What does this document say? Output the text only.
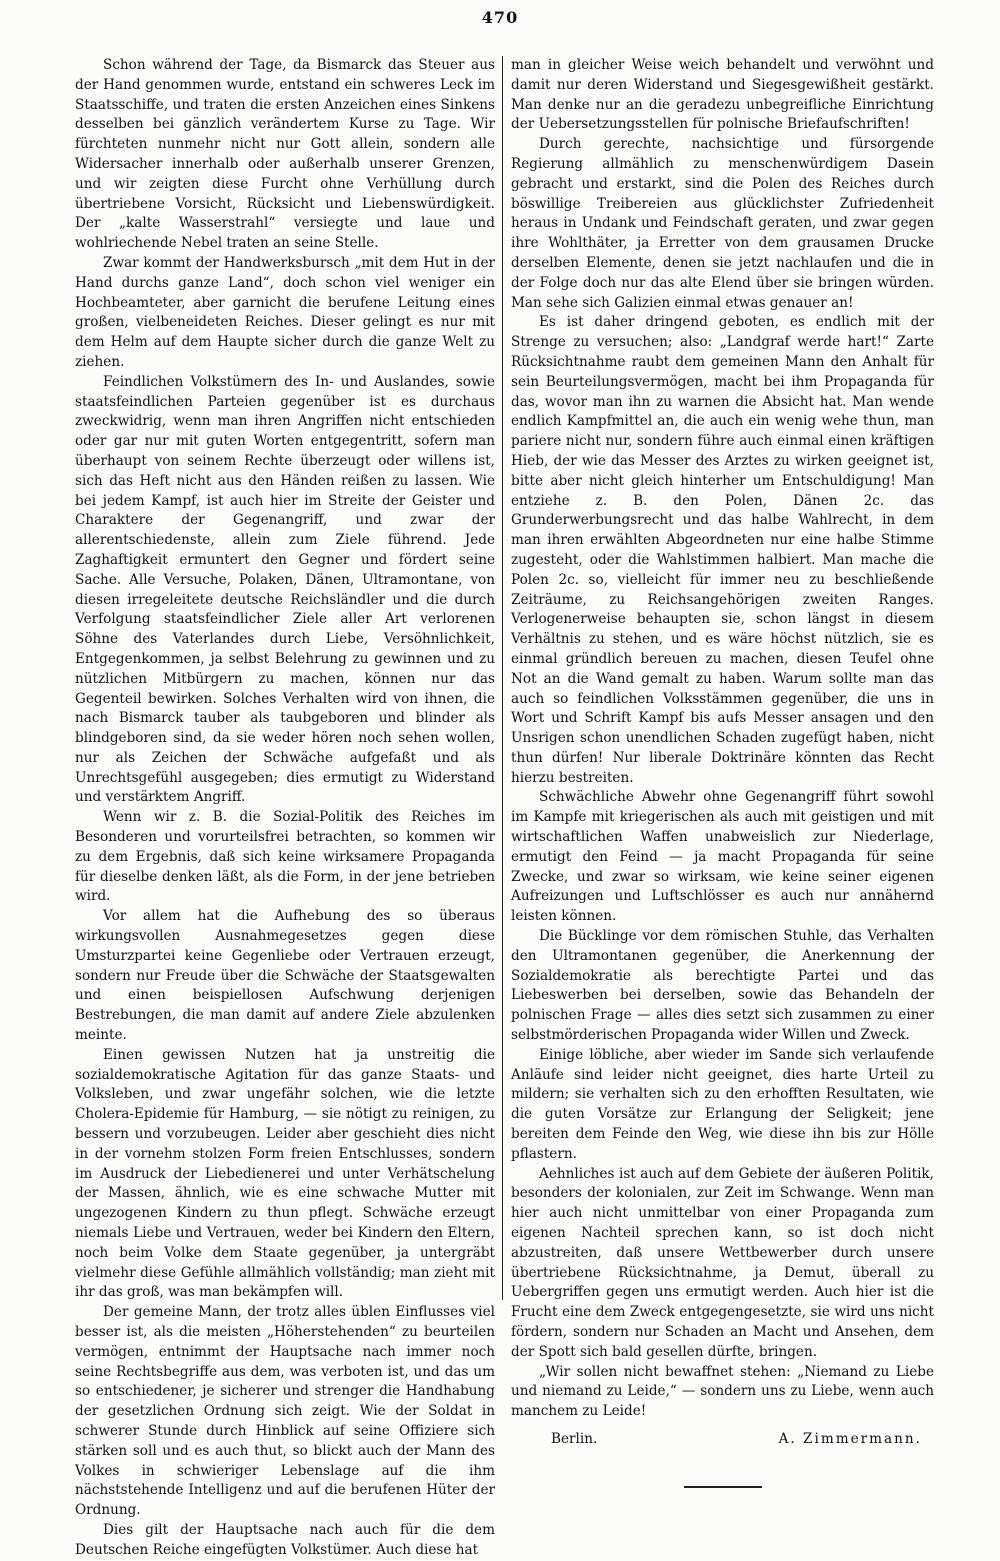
470

Schon während der Tage, da Bismarck das Steuer aus der Hand genommen wurde, entstand ein schweres Leck im Staatsschiffe, und traten die ersten Anzeichen eines Sinkens desselben bei gänzlich verändertem Kurse zu Tage. Wir fürchteten nunmehr nicht nur Gott allein, sondern alle Widersacher innerhalb oder außerhalb unserer Grenzen, und wir zeigten diese Furcht ohne Verhüllung durch übertriebene Vorsicht, Rücksicht und Liebenswürdigkeit. Der „kalte Wasserstrahl“ versiegte und laue und wohlriechende Nebel traten an seine Stelle.

Zwar kommt der Handwerksbursch „mit dem Hut in der Hand durchs ganze Land“, doch schon viel weniger ein Hochbeamteter, aber garnicht die berufene Leitung eines großen, vielbeneideten Reiches. Dieser gelingt es nur mit dem Helm auf dem Haupte sicher durch die ganze Welt zu ziehen.

Feindlichen Volkstümern des In- und Auslandes, sowie staatsfeindlichen Parteien gegenüber ist es durchaus zweckwidrig, wenn man ihren Angriffen nicht entschieden oder gar nur mit guten Worten entgegentritt, sofern man überhaupt von seinem Rechte überzeugt oder willens ist, sich das Heft nicht aus den Händen reißen zu lassen. Wie bei jedem Kampf, ist auch hier im Streite der Geister und Charaktere der Gegenangriff, und zwar der allerentschiedenste, allein zum Ziele führend. Jede Zaghaftigkeit ermuntert den Gegner und fördert seine Sache. Alle Versuche, Polaken, Dänen, Ultramontane, von diesen irregeleitete deutsche Reichsländler und die durch Verfolgung staatsfeindlicher Ziele aller Art verlorenen Söhne des Vaterlandes durch Liebe, Versöhnlichkeit, Entgegenkommen, ja selbst Belehrung zu gewinnen und zu nützlichen Mitbürgern zu machen, können nur das Gegenteil bewirken. Solches Verhalten wird von ihnen, die nach Bismarck tauber als taubgeboren und blinder als blindgeboren sind, da sie weder hören noch sehen wollen, nur als Zeichen der Schwäche aufgefaßt und als Unrechtsgefühl ausgegeben; dies ermutigt zu Widerstand und verstärktem Angriff.

Wenn wir z. B. die Sozial-Politik des Reiches im Besonderen und vorurteilsfrei betrachten, so kommen wir zu dem Ergebnis, daß sich keine wirksamere Propaganda für dieselbe denken läßt, als die Form, in der jene betrieben wird.

Vor allem hat die Aufhebung des so überaus wirkungsvollen Ausnahmegesetzes gegen diese Umsturzpartei keine Gegenliebe oder Vertrauen erzeugt, sondern nur Freude über die Schwäche der Staatsgewalten und einen beispiellosen Aufschwung derjenigen Bestrebungen, die man damit auf andere Ziele abzulenken meinte.

Einen gewissen Nutzen hat ja unstreitig die sozialdemokratische Agitation für das ganze Staats- und Volksleben, und zwar ungefähr solchen, wie die letzte Cholera-Epidemie für Hamburg, — sie nötigt zu reinigen, zu bessern und vorzubeugen. Leider aber geschieht dies nicht in der vornehm stolzen Form freien Entschlusses, sondern im Ausdruck der Liebedienerei und unter Verhätschelung der Massen, ähnlich, wie es eine schwache Mutter mit ungezogenen Kindern zu thun pflegt. Schwäche erzeugt niemals Liebe und Vertrauen, weder bei Kindern den Eltern, noch beim Volke dem Staate gegenüber, ja untergräbt vielmehr diese Gefühle allmählich vollständig; man zieht mit ihr das groß, was man bekämpfen will.

Der gemeine Mann, der trotz alles üblen Einflusses viel besser ist, als die meisten „Höherstehenden“ zu beurteilen vermögen, entnimmt der Hauptsache nach immer noch seine Rechtsbegriffe aus dem, was verboten ist, und das um so entschiedener, je sicherer und strenger die Handhabung der gesetzlichen Ordnung sich zeigt. Wie der Soldat in schwerer Stunde durch Hinblick auf seine Offiziere sich stärken soll und es auch thut, so blickt auch der Mann des Volkes in schwieriger Lebenslage auf die ihm nächststehende Intelligenz und auf die berufenen Hüter der Ordnung.

Dies gilt der Hauptsache nach auch für die dem Deutschen Reiche eingefügten Volkstümer. Auch diese hat

man in gleicher Weise weich behandelt und verwöhnt und damit nur deren Widerstand und Siegesgewißheit gestärkt. Man denke nur an die geradezu unbegreifliche Einrichtung der Uebersetzungsstellen für polnische Briefaufschriften!

Durch gerechte, nachsichtige und fürsorgende Regierung allmählich zu menschenwürdigem Dasein gebracht und erstarkt, sind die Polen des Reiches durch böswillige Treibereien aus glücklichster Zufriedenheit heraus in Undank und Feindschaft geraten, und zwar gegen ihre Wohlthäter, ja Erretter von dem grausamen Drucke derselben Elemente, denen sie jetzt nachlaufen und die in der Folge doch nur das alte Elend über sie bringen würden. Man sehe sich Galizien einmal etwas genauer an!

Es ist daher dringend geboten, es endlich mit der Strenge zu versuchen; also: „Landgraf werde hart!“ Zarte Rücksichtnahme raubt dem gemeinen Mann den Anhalt für sein Beurteilungsvermögen, macht bei ihm Propaganda für das, wovor man ihn zu warnen die Absicht hat. Man wende endlich Kampfmittel an, die auch ein wenig wehe thun, man pariere nicht nur, sondern führe auch einmal einen kräftigen Hieb, der wie das Messer des Arztes zu wirken geeignet ist, bitte aber nicht gleich hinterher um Entschuldigung! Man entziehe z. B. den Polen, Dänen 2c. das Grunderwerbungsrecht und das halbe Wahlrecht, in dem man ihren erwählten Abgeordneten nur eine halbe Stimme zugesteht, oder die Wahlstimmen halbiert. Man mache die Polen 2c. so, vielleicht für immer neu zu beschließende Zeiträume, zu Reichsangehörigen zweiten Ranges. Verlogenerweise behaupten sie, schon längst in diesem Verhältnis zu stehen, und es wäre höchst nützlich, sie es einmal gründlich bereuen zu machen, diesen Teufel ohne Not an die Wand gemalt zu haben. Warum sollte man das auch so feindlichen Volksstämmen gegenüber, die uns in Wort und Schrift Kampf bis aufs Messer ansagen und den Unsrigen schon unendlichen Schaden zugefügt haben, nicht thun dürfen! Nur liberale Doktrinäre könnten das Recht hierzu bestreiten.

Schwächliche Abwehr ohne Gegenangriff führt sowohl im Kampfe mit kriegerischen als auch mit geistigen und mit wirtschaftlichen Waffen unabweislich zur Niederlage, ermutigt den Feind — ja macht Propaganda für seine Zwecke, und zwar so wirksam, wie keine seiner eigenen Aufreizungen und Luftschlösser es auch nur annähernd leisten können.

Die Bücklinge vor dem römischen Stuhle, das Verhalten den Ultramontanen gegenüber, die Anerkennung der Sozialdemokratie als berechtigte Partei und das Liebeswerben bei derselben, sowie das Behandeln der polnischen Frage — alles dies setzt sich zusammen zu einer selbstmörderischen Propaganda wider Willen und Zweck.

Einige löbliche, aber wieder im Sande sich verlaufende Anläufe sind leider nicht geeignet, dies harte Urteil zu mildern; sie verhalten sich zu den erhofften Resultaten, wie die guten Vorsätze zur Erlangung der Seligkeit; jene bereiten dem Feinde den Weg, wie diese ihn bis zur Hölle pflastern.

Aehnliches ist auch auf dem Gebiete der äußeren Politik, besonders der kolonialen, zur Zeit im Schwange. Wenn man hier auch nicht unmittelbar von einer Propaganda zum eigenen Nachteil sprechen kann, so ist doch nicht abzustreiten, daß unsere Wettbewerber durch unsere übertriebene Rücksichtnahme, ja Demut, überall zu Uebergriffen gegen uns ermutigt werden. Auch hier ist die Frucht eine dem Zweck entgegengesetzte, sie wird uns nicht fördern, sondern nur Schaden an Macht und Ansehen, dem der Spott sich bald gesellen dürfte, bringen.

„Wir sollen nicht bewaffnet stehen: „Niemand zu Liebe und niemand zu Leide,“ — sondern uns zu Liebe, wenn auch manchem zu Leide!

Berlin.	A. Zimmermann.
